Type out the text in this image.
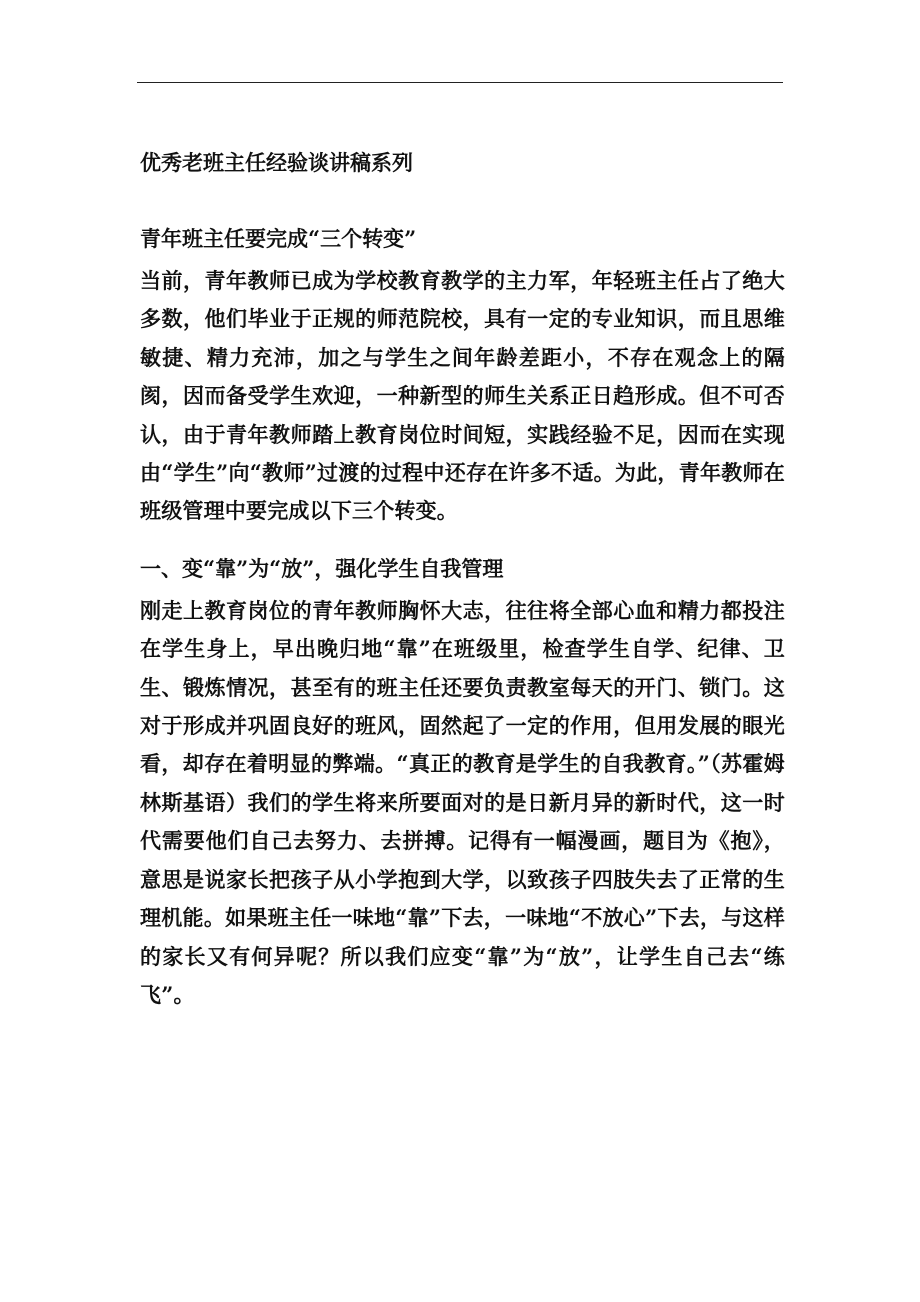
优秀老班主任经验谈讲稿系列
青年班主任要完成“三个转变”

当前，青年教师已成为学校教育教学的主力军，年轻班主任占了绝大多数，他们毕业于正规的师范院校，具有一定的专业知识，而且思维敏捷、精力充沛，加之与学生之间年龄差距小，不存在观念上的隔阂，因而备受学生欢迎，一种新型的师生关系正日趋形成。但不可否认，由于青年教师踏上教育岗位时间短，实践经验不足，因而在实现由“学生”向“教师”过渡的过程中还存在许多不适。为此，青年教师在班级管理中要完成以下三个转变。

一、变“靠”为“放”，强化学生自我管理

刚走上教育岗位的青年教师胸怀大志，往往将全部心血和精力都投注在学生身上，早出晚归地“靠”在班级里，检查学生自学、纪律、卫生、锻炼情况，甚至有的班主任还要负责教室每天的开门、锁门。这对于形成并巩固良好的班风，固然起了一定的作用，但用发展的眼光看，却存在着明显的弊端。“真正的教育是学生的自我教育。”（苏霍姆林斯基语）我们的学生将来所要面对的是日新月异的新时代，这一时代需要他们自己去努力、去拼搏。记得有一幅漫画，题目为《抱》，意思是说家长把孩子从小学抱到大学，以致孩子四肢失去了正常的生理机能。如果班主任一味地“靠”下去，一味地“不放心”下去，与这样的家长又有何异呢？所以我们应变“靠”为“放”，让学生自己去“练飞”。
